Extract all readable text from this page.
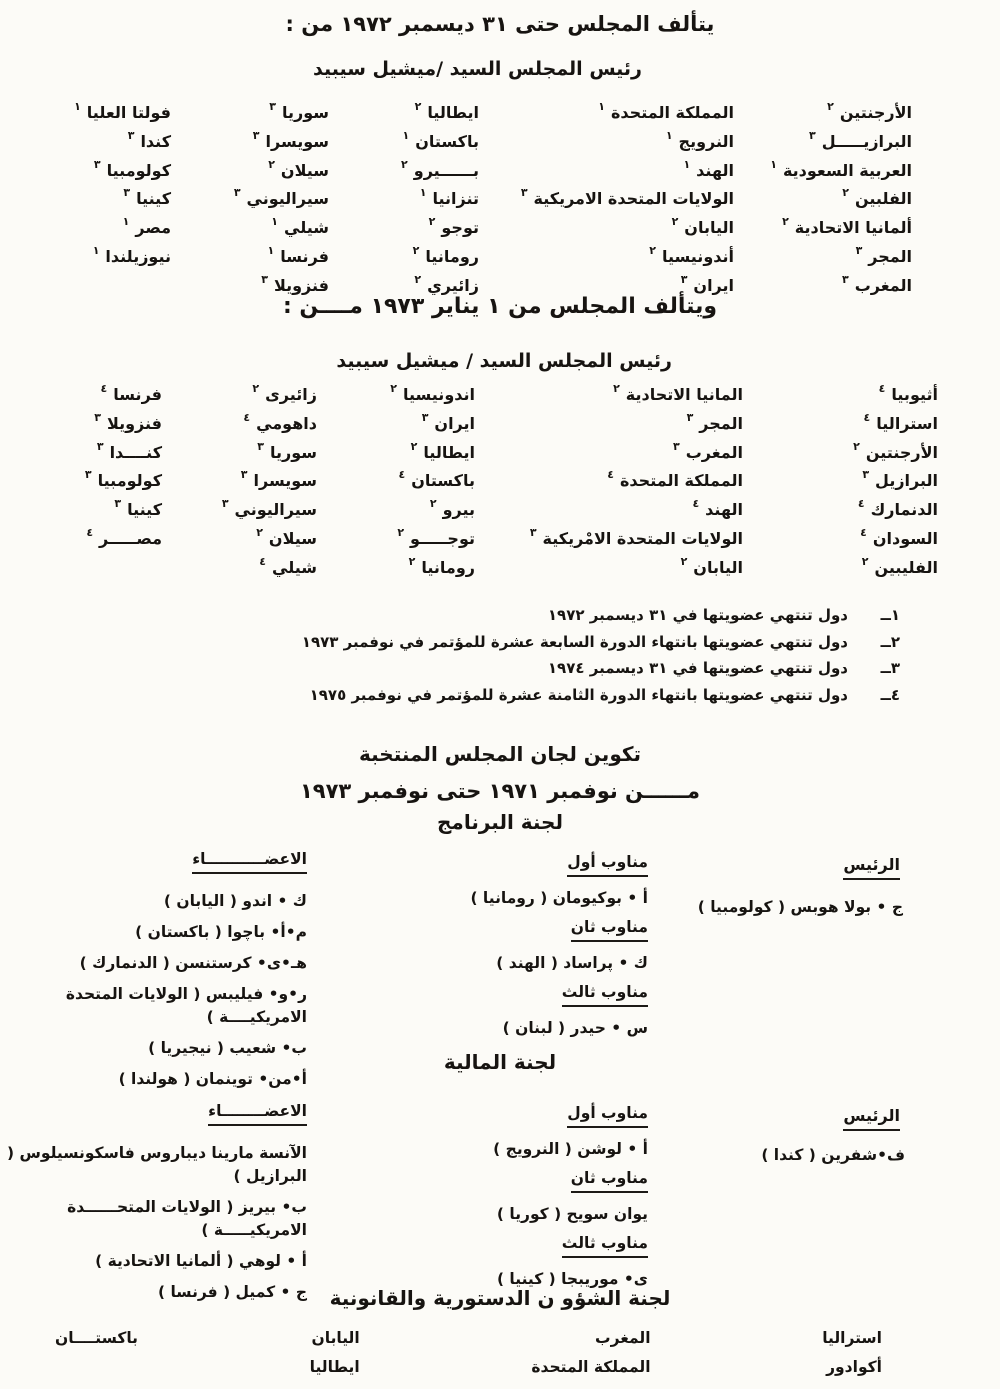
يتألف المجلس حتى ٣١ ديسمبر ١٩٧٢ من :
رئيس المجلس السيد /ميشيل سيبيد
الأرجنتين$^٢$
البرازيـــــل$^٣$
العربية السعودية$^١$
الفلبين$^٢$
ألمانيا الاتحادية$^٢$
المجر$^٣$
المغرب$^٣$
المملكة المتحدة$^١$
النرويج$^١$
الهند$^١$
الولايات المتحدة الامريكية$^٣$
اليابان$^٢$
أندونيسيا$^٢$
ايران$^٣$
ايطاليا$^٢$
باكستان$^١$
بــــــيرو$^٢$
تنزانيا$^١$
توجو$^٢$
رومانيا$^٢$
زائيري$^٢$
سوريا$^٣$
سويسرا$^٣$
سيلان$^٢$
سيراليوني$^٣$
شيلي$^١$
فرنسا$^١$
فنزويلا$^٣$
فولتا العليا$^١$
كندا$^٣$
كولومبيا$^٣$
كينيا$^٣$
مصر$^١$
نيوزيلندا$^١$
ويتألف المجلس من ١ يناير ١٩٧٣ مــــن :
رئيس المجلس السيد / ميشيل سيبيد
أثيوبيا$^٤$
استراليا$^٤$
الأرجنتين$^٢$
البرازيل$^٣$
الدنمارك$^٤$
السودان$^٤$
الفليبين$^٢$
المانيا الاتحادية$^٢$
المجر$^٣$
المغرب$^٣$
المملكة المتحدة$^٤$
الهند$^٤$
الولايات المتحدة الامْريكية$^٣$
اليابان$^٢$
اندونيسيا$^٢$
ايران$^٣$
ايطاليا$^٢$
باكستان$^٤$
بيرو$^٢$
توجـــــو$^٢$
رومانيا$^٢$
زائيرى$^٢$
داهومي$^٤$
سوريا$^٣$
سويسرا$^٣$
سيراليوني$^٣$
سيلان$^٢$
شيلي$^٤$
فرنسا$^٤$
فنزويلا$^٣$
كنــــدا$^٣$
كولومبيا$^٣$
كينيا$^٣$
مصـــــر$^٤$
١ــ
دول تنتهي عضويتها في ٣١ ديسمبر ١٩٧٢
٢ــ
دول تنتهي عضويتها بانتهاء الدورة السابعة عشرة للمؤتمر في نوفمبر ١٩٧٣
٣ــ
دول تنتهي عضويتها في ٣١ ديسمبر ١٩٧٤
٤ــ
دول تنتهي عضويتها بانتهاء الدورة الثامنة عشرة للمؤتمر في نوفمبر ١٩٧٥
تكوين لجان المجلس المنتخبة
مــــــن نوفمبر ١٩٧١ حتى نوفمبر ١٩٧٣
لجنة البرنامج
الرئيس
ج • بولا هوبس ( كولومبيا )
مناوب أول
أ • بوكيومان ( رومانيا )
مناوب ثان
ك • پراساد ( الهند )
مناوب ثالث
س • حيدر ( لبنان )
الاعضـــــــــــاء
ك • اندو ( اليابان )
م•أ• باچوا ( باكستان )
هـ•ى• كرستنسن ( الدنمارك )
ر•و• فيليبس ( الولايات المتحدة الامريكيــــة )
ب• شعيب ( نيجيريا )
أ•من• توينمان ( هولندا )
لجنة المالية
الرئيس
ف•شفرين ( كندا )
مناوب أول
أ • لوشن ( النرويج )
مناوب ثان
يوان سويح ( كوريا )
مناوب ثالث
ى• موريبجا ( كينيا )
الاعضــــــــاء
الآنسة مارينا ديباروس فاسكونسيلوس ( البرازيل )
ب• بيريز ( الولايات المتحــــــدة الامريكيـــــة )
أ • لوهي ( ألمانيا الاتحادية )
ج • كميل ( فرنسا )	لجنة الشؤو ن الدستورية والقانونية
استراليا
أكوادور
المغرب
المملكة المتحدة
اليابان
ايطاليا
باكستــــان
